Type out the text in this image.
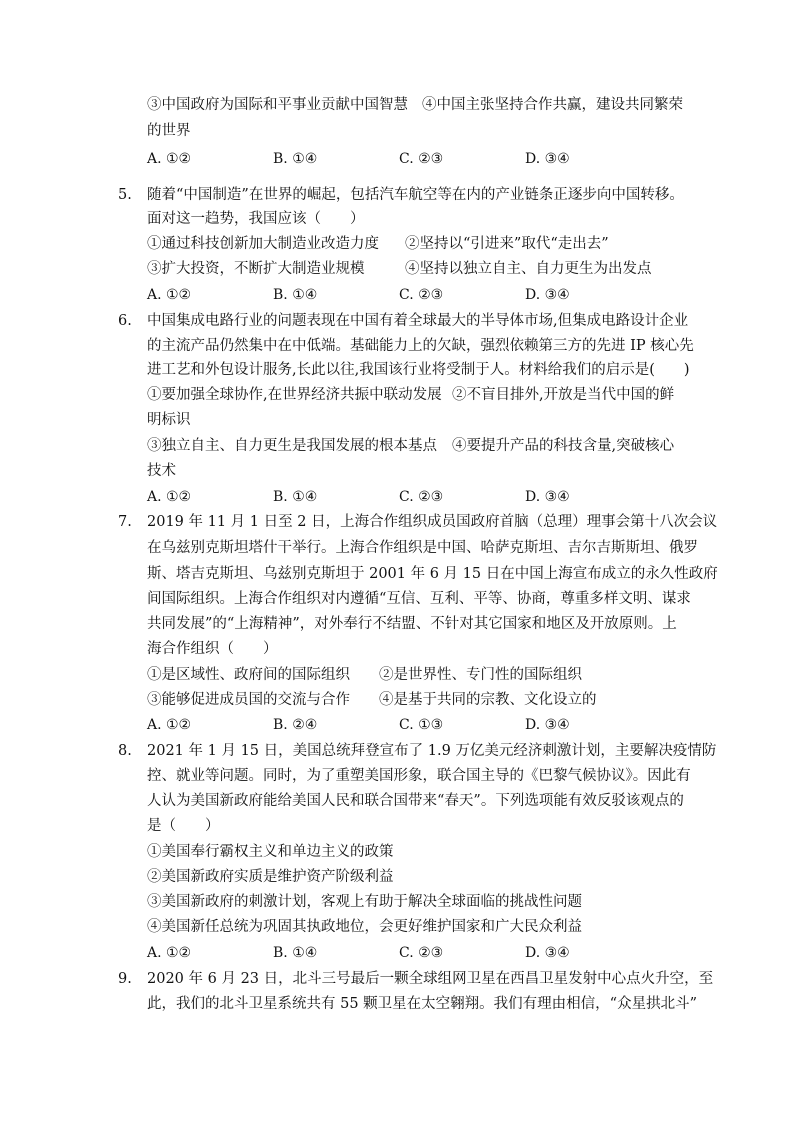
③中国政府为国际和平事业贡献中国智慧 ④中国主张坚持合作共赢，建设共同繁荣
的世界
A. ①②	B. ①④	C. ②③	D. ③④
5. 随着“中国制造”在世界的崛起，包括汽车航空等在内的产业链条正逐步向中国转移。
面对这一趋势，我国应该（　　）
①通过科技创新加大制造业改造力度 ②坚持以“引进来”取代“走出去”
③扩大投资，不断扩大制造业规模	④坚持以独立自主、自力更生为出发点
A. ①②	B. ①④	C. ②③	D. ③④
6. 中国集成电路行业的问题表现在中国有着全球最大的半导体市场,但集成电路设计企业
的主流产品仍然集中在中低端。基础能力上的欠缺，强烈依赖第三方的先进 IP 核心先
进工艺和外包设计服务,长此以往,我国该行业将受制于人。材料给我们的启示是(　　)
①要加强全球协作,在世界经济共振中联动发展 ②不盲目排外,开放是当代中国的鲜
明标识
③独立自主、自力更生是我国发展的根本基点 ④要提升产品的科技含量,突破核心
技术
A. ①②	B. ①④	C. ②③	D. ③④
7. 2019 年 11 月 1 日至 2 日，上海合作组织成员国政府首脑（总理）理事会第十八次会议
在乌兹别克斯坦塔什干举行。上海合作组织是中国、哈萨克斯坦、吉尔吉斯斯坦、俄罗
斯、塔吉克斯坦、乌兹别克斯坦于 2001 年 6 月 15 日在中国上海宣布成立的永久性政府
间国际组织。上海合作组织对内遵循“互信、互利、平等、协商，尊重多样文明、谋求
共同发展”的“上海精神”，对外奉行不结盟、不针对其它国家和地区及开放原则。上
海合作组织（　　）
①是区域性、政府间的国际组织 ②是世界性、专门性的国际组织
③能够促进成员国的交流与合作 ④是基于共同的宗教、文化设立的
A. ①②	B. ②④	C. ①③	D. ③④
8. 2021 年 1 月 15 日，美国总统拜登宣布了 1.9 万亿美元经济刺激计划，主要解决疫情防
控、就业等问题。同时，为了重塑美国形象，联合国主导的《巴黎气候协议》。因此有
人认为美国新政府能给美国人民和联合国带来“春天”。下列选项能有效反驳该观点的
是（　　）
①美国奉行霸权主义和单边主义的政策
②美国新政府实质是维护资产阶级利益
③美国新政府的刺激计划，客观上有助于解决全球面临的挑战性问题
④美国新任总统为巩固其执政地位，会更好维护国家和广大民众利益
A. ①②	B. ①④	C. ②③	D. ③④
9. 2020 年 6 月 23 日，北斗三号最后一颗全球组网卫星在西昌卫星发射中心点火升空，至
此，我们的北斗卫星系统共有 55 颗卫星在太空翱翔。我们有理由相信，“众星拱北斗”
